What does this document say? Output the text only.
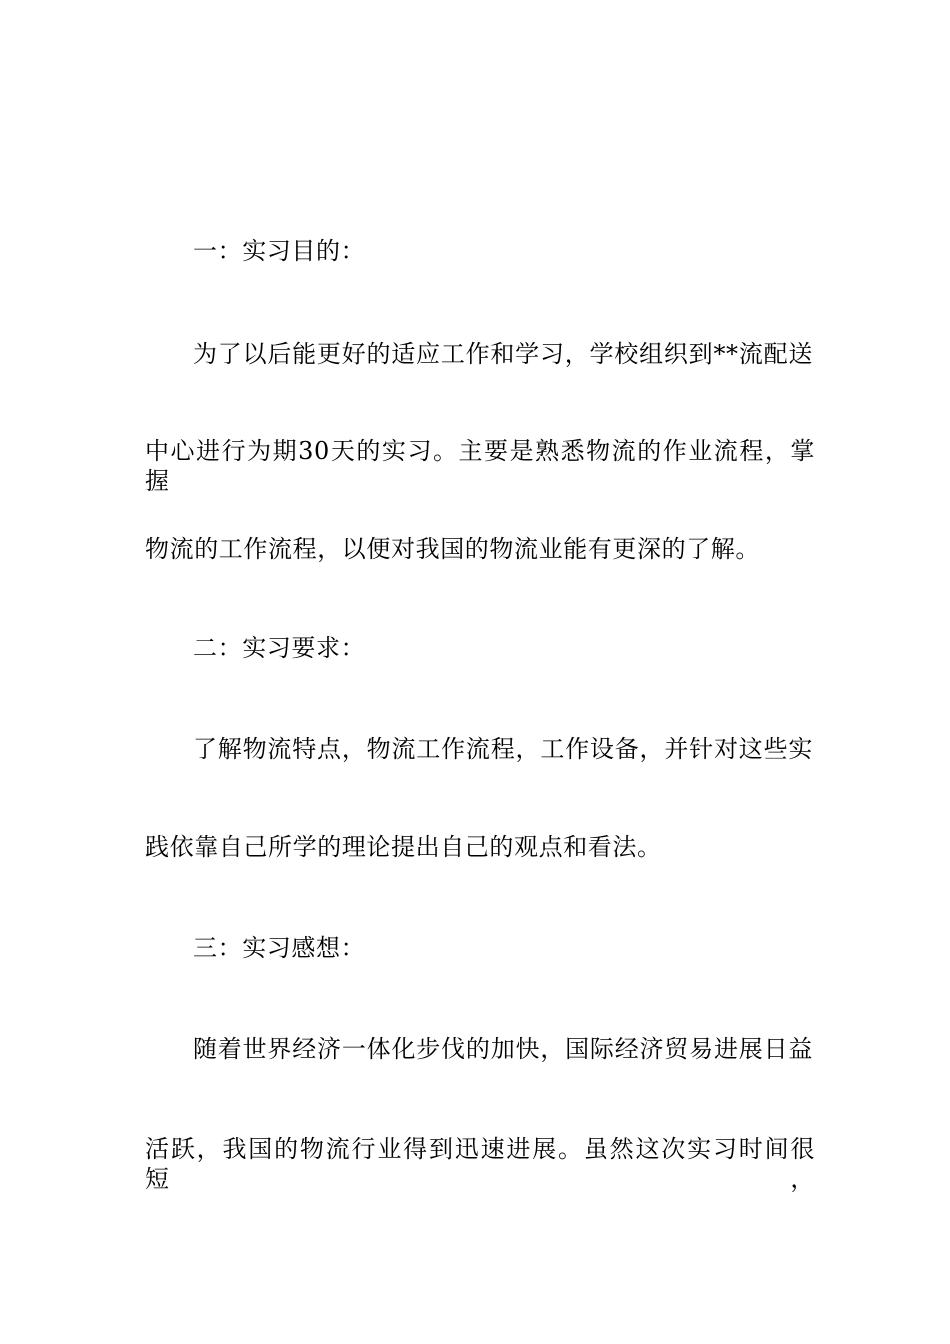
一：实习目的：
为了以后能更好的适应工作和学习，学校组织到**流配送
中心进行为期30天的实习。主要是熟悉物流的作业流程，掌握
物流的工作流程，以便对我国的物流业能有更深的了解。
二：实习要求：
了解物流特点，物流工作流程，工作设备，并针对这些实
践依靠自己所学的理论提出自己的观点和看法。
三：实习感想：
随着世界经济一体化步伐的加快，国际经济贸易进展日益
活跃，我国的物流行业得到迅速进展。虽然这次实习时间很短，
